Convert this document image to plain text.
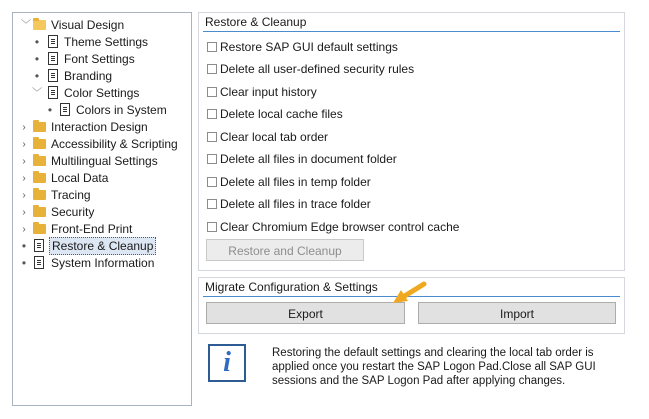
﹀ Visual Design
• Theme Settings
• Font Settings
• Branding
﹀ Color Settings
• Colors in System
› Interaction Design
› Accessibility & Scripting
› Multilingual Settings
› Local Data
› Tracing
› Security
› Front-End Print
• Restore & Cleanup
• System Information
Restore & Cleanup
Restore SAP GUI default settings
Delete all user-defined security rules
Clear input history
Delete local cache files
Clear local tab order
Delete all files in document folder
Delete all files in temp folder
Delete all files in trace folder
Clear Chromium Edge browser control cache
Restore and Cleanup
Migrate Configuration & Settings
Export	Import
i	Restoring the default settings and clearing the local tab order is applied once you restart the SAP Logon Pad.Close all SAP GUI sessions and the SAP Logon Pad after applying changes.
